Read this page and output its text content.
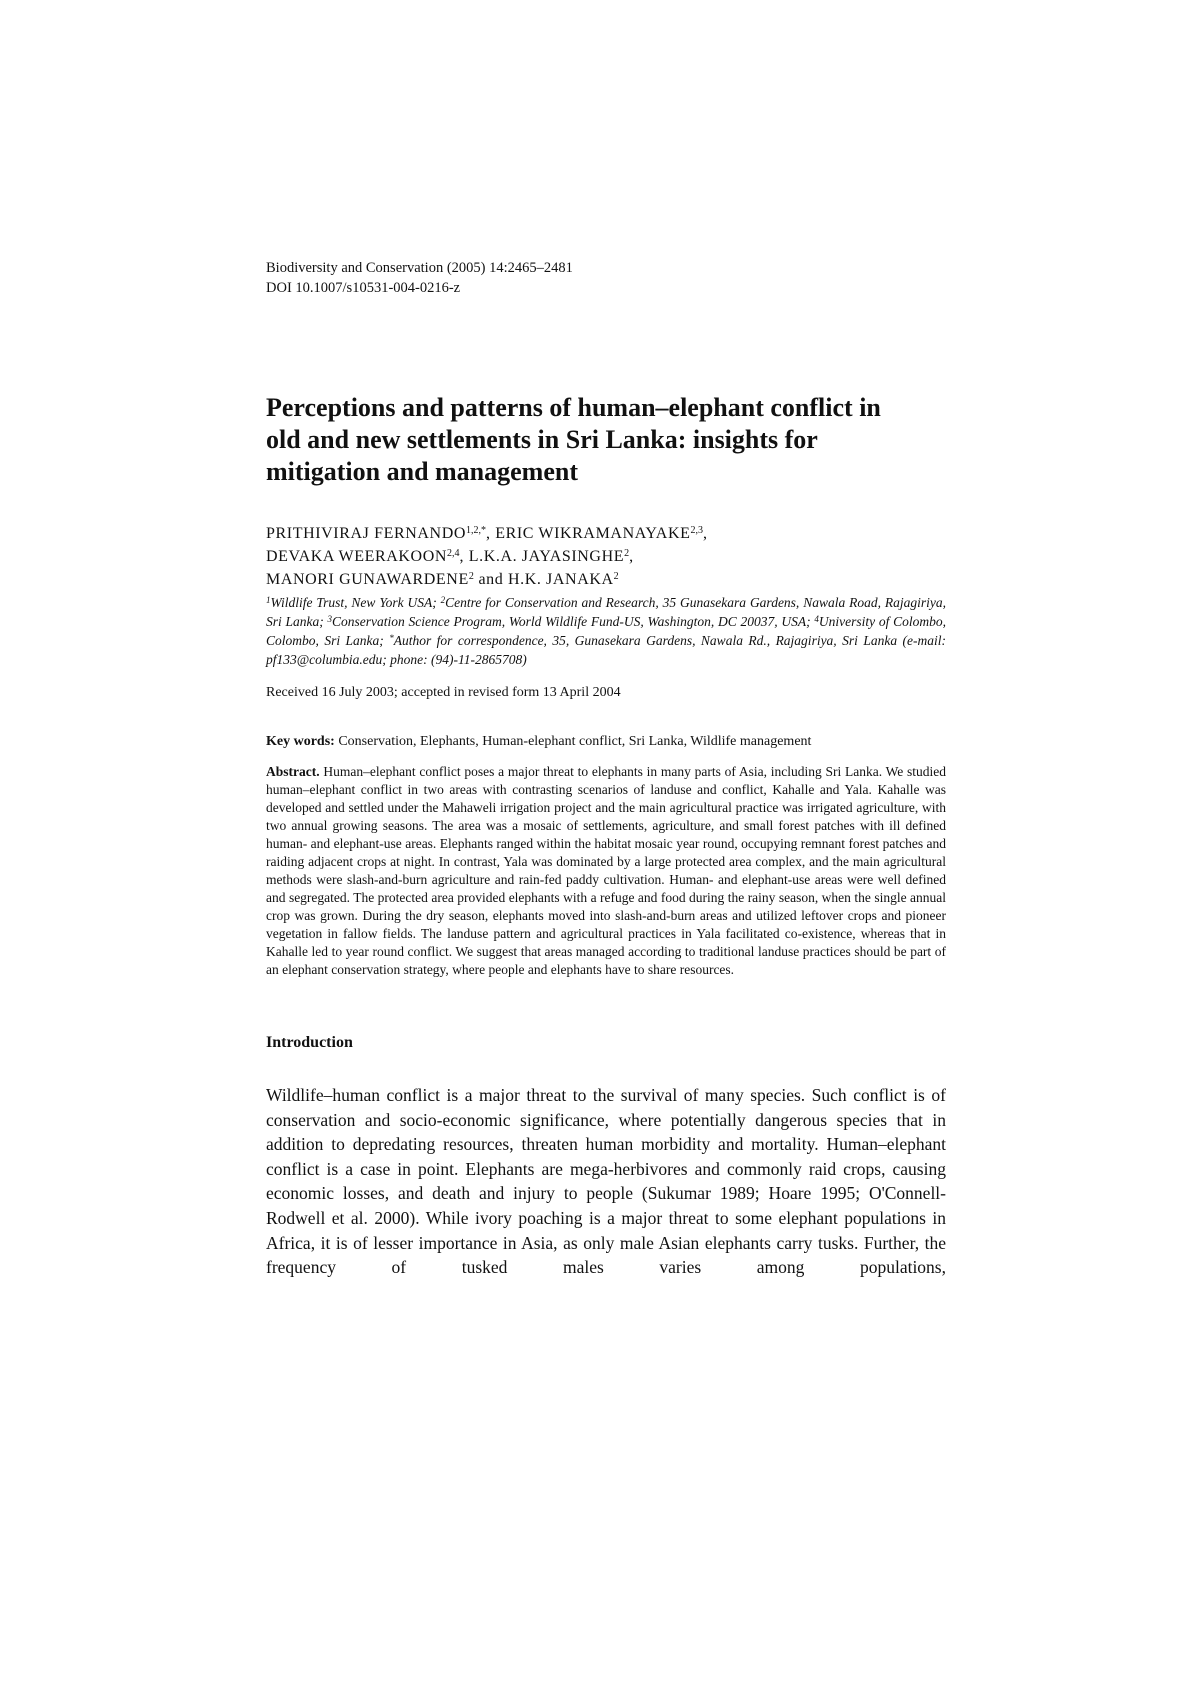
Biodiversity and Conservation (2005) 14:2465–2481

DOI 10.1007/s10531-004-0216-z

Perceptions and patterns of human–elephant conflict in old and new settlements in Sri Lanka: insights for mitigation and management
PRITHIVIRAJ $FERNANDO^{1,2,*}$, ERIC WIKRAMANAYAKE$^{2,3}$,
DEVAKA WEERAKOON$^{2,4}$, L.K.A. JAYASINGHE$^2$,
MANORI GUNAWARDENE$^2$ and H.K. JANAKA$^2$
$^1$Wildlife Trust, New York USA; $^2$Centre for Conservation and Research, 35 Gunasekara Gardens, Nawala Road, Rajagiriya, Sri Lanka; $^3$Conservation Science Program, World Wildlife Fund-US, Washington, DC 20037, USA; $^4$University of Colombo, Colombo, Sri Lanka; *Author for correspondence, 35, Gunasekara Gardens, Nawala Rd., Rajagiriya, Sri Lanka (e-mail: pf133@columbia.edu; phone: (94)-11-2865708)
Received 16 July 2003; accepted in revised form 13 April 2004
Key words: Conservation, Elephants, Human-elephant conflict, Sri Lanka, Wildlife management
Abstract. Human–elephant conflict poses a major threat to elephants in many parts of Asia, including Sri Lanka. We studied human–elephant conflict in two areas with contrasting scenarios of landuse and conflict, Kahalle and Yala. Kahalle was developed and settled under the Mahaweli irrigation project and the main agricultural practice was irrigated agriculture, with two annual growing seasons. The area was a mosaic of settlements, agriculture, and small forest patches with ill defined human- and elephant-use areas. Elephants ranged within the habitat mosaic year round, occupying remnant forest patches and raiding adjacent crops at night. In contrast, Yala was dominated by a large protected area complex, and the main agricultural methods were slash-and-burn agriculture and rain-fed paddy cultivation. Human- and elephant-use areas were well defined and segregated. The protected area provided elephants with a refuge and food during the rainy season, when the single annual crop was grown. During the dry season, elephants moved into slash-and-burn areas and utilized leftover crops and pioneer vegetation in fallow fields. The landuse pattern and agricultural practices in Yala facilitated co-existence, whereas that in Kahalle led to year round conflict. We suggest that areas managed according to traditional landuse practices should be part of an elephant conservation strategy, where people and elephants have to share resources.
Introduction

Wildlife–human conflict is a major threat to the survival of many species. Such conflict is of conservation and socio-economic significance, where potentially dangerous species that in addition to depredating resources, threaten human morbidity and mortality. Human–elephant conflict is a case in point. Elephants are mega-herbivores and commonly raid crops, causing economic losses, and death and injury to people (Sukumar 1989; Hoare 1995; O'Connell-Rodwell et al. 2000). While ivory poaching is a major threat to some elephant populations in Africa, it is of lesser importance in Asia, as only male Asian elephants carry tusks. Further, the frequency of tusked males varies among populations,
